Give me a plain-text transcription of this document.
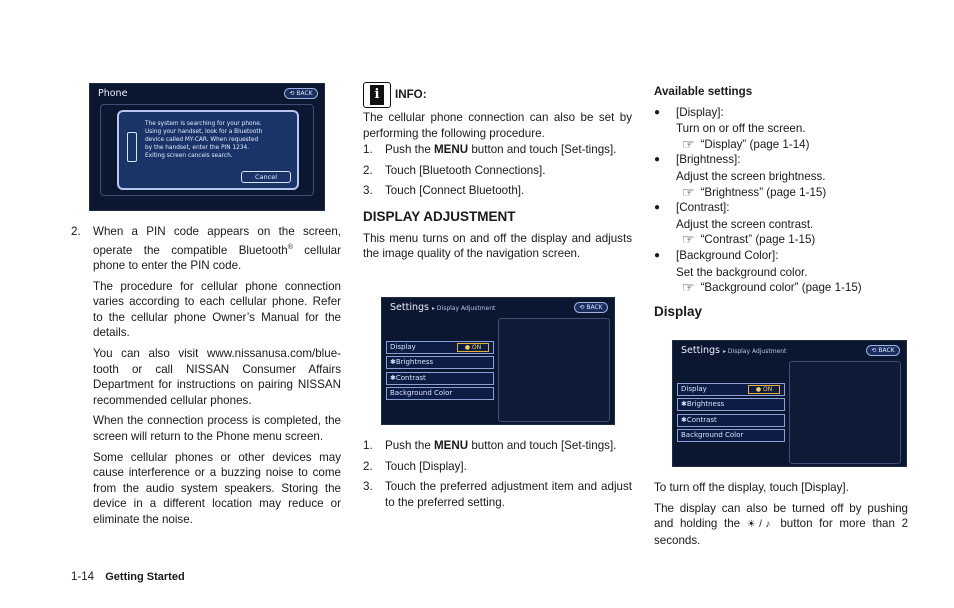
Phone	⟲ BACK
The system is searching for your phone.
Using your handset, look for a Bluetooth
device called MY-CAR. When requested
by the handset, enter the PIN 1234.
Exiting screen cancels search.
Cancel
2.	When a PIN code appears on the screen, operate the compatible Bluetooth® cellular phone to enter the PIN code.

The procedure for cellular phone connection varies according to each cellular phone. Refer to the cellular phone Owner’s Manual for the details.

You can also visit www.nissanusa.com/blue-tooth or call NISSAN Consumer Affairs Department for instructions on pairing NISSAN recommended cellular phones.

When the connection process is completed, the screen will return to the Phone menu screen.

Some cellular phones or other devices may cause interference or a buzzing noise to come from the audio system speakers. Storing the device in a different location may reduce or eliminate the noise.

i	INFO:

The cellular phone connection can also be set by performing the following procedure.

1.	Push the MENU button and touch [Set-tings].
2.	Touch [Bluetooth Connections].
3.	Touch [Connect Bluetooth].
DISPLAY ADJUSTMENT

This menu turns on and off the display and adjusts the image quality of the navigation screen.

Settings ▸ Display Adjustment	⟲ BACK
Display	● ON
✱Brightness
✱Contrast
Background Color
1.	Push the MENU button and touch [Set-tings].
2.	Touch [Display].
3.	Touch the preferred adjustment item and adjust to the preferred setting.
Available settings
●	[Display]:
Turn on or off the screen.
☞ “Display” (page 1-14)
●	[Brightness]:
Adjust the screen brightness.
☞ “Brightness” (page 1-15)
●	[Contrast]:
Adjust the screen contrast.
☞ “Contrast” (page 1-15)
●	[Background Color]:
Set the background color.
☞ “Background color” (page 1-15)
Display
Settings ▸ Display Adjustment	⟲ BACK
Display	● ON
✱Brightness
✱Contrast
Background Color

To turn off the display, touch [Display].

The display can also be turned off by pushing and holding the ☀/♪ button for more than 2 seconds.

1-14 Getting Started
